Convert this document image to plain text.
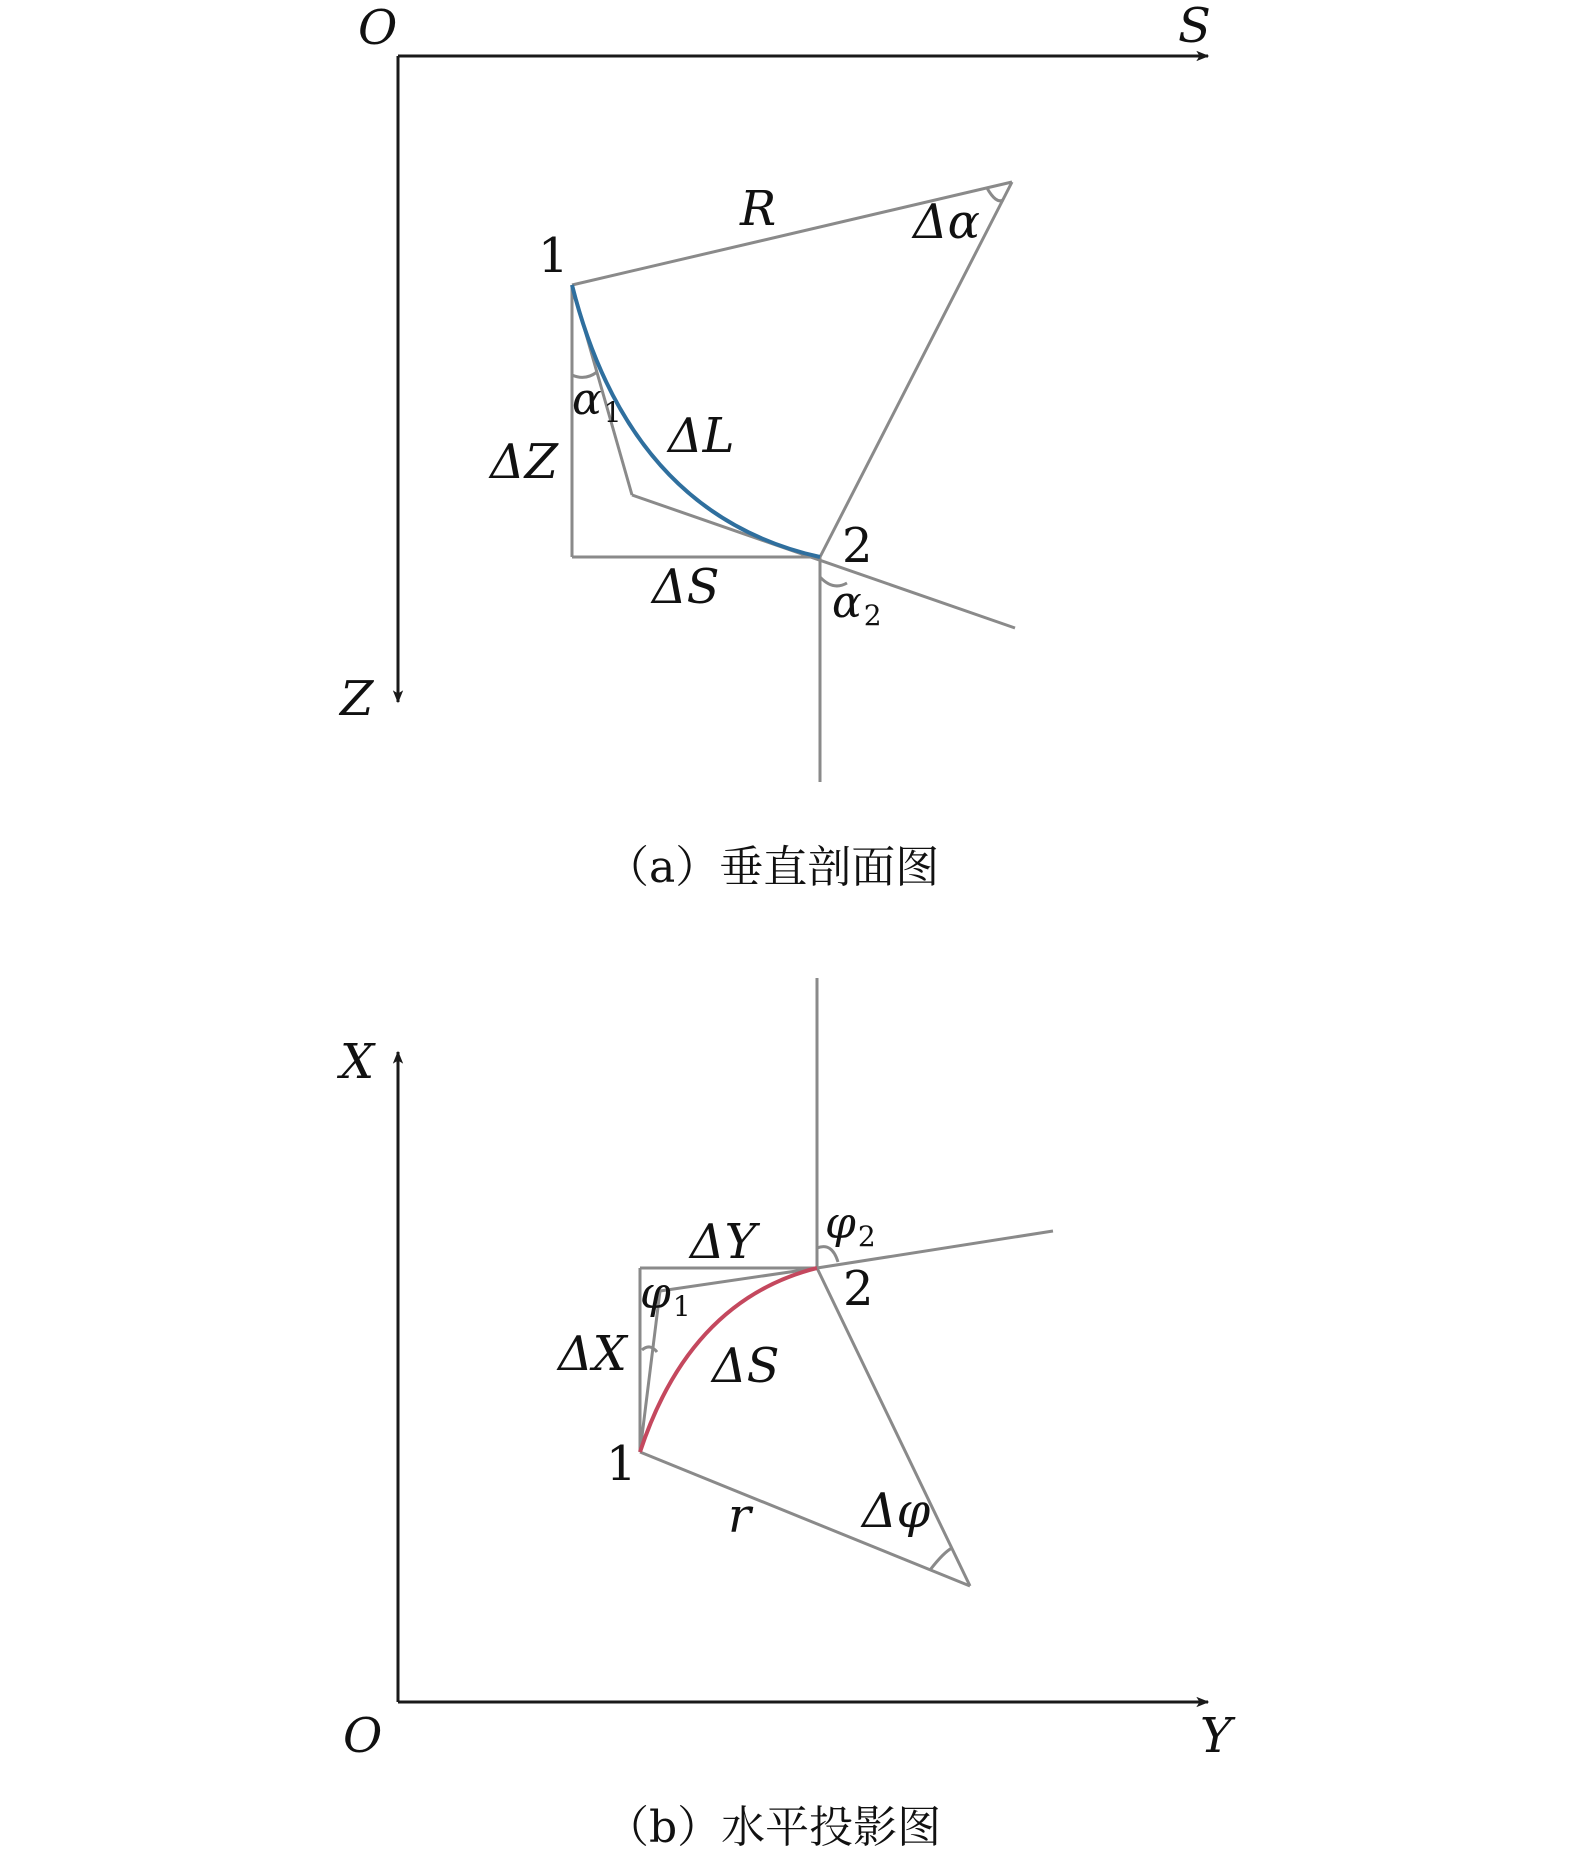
O	S
Z
1
2
R	Δα
α1
ΔZ ΔL
ΔS	α2
（a）垂直剖面图
X
O	Y
ΔY φ2
2
φ1
ΔX ΔS
1
r Δφ
（b）水平投影图
